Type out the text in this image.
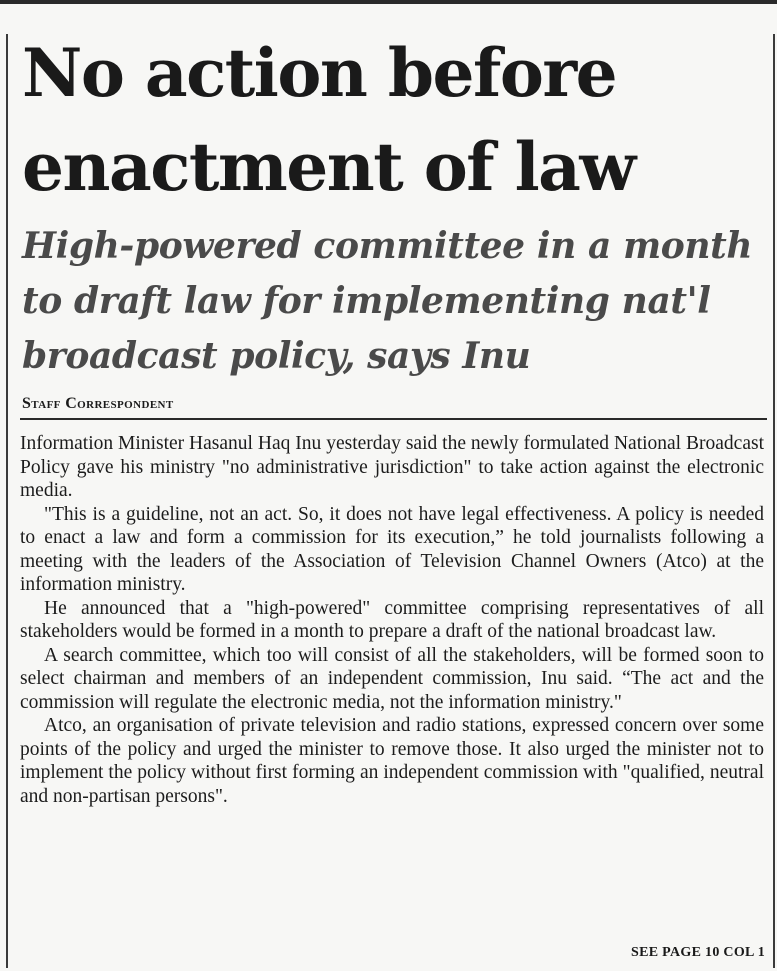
No action before enactment of law
High-powered committee in a month to draft law for implementing nat'l broadcast policy, says Inu
Staff Correspondent

Information Minister Hasanul Haq Inu yesterday said the newly formulated National Broadcast Policy gave his ministry "no administrative jurisdiction" to take action against the electronic media.

"This is a guideline, not an act. So, it does not have legal effectiveness. A policy is needed to enact a law and form a commission for its execution,” he told journalists following a meeting with the leaders of the Association of Television Channel Owners (Atco) at the information ministry.

He announced that a "high-powered" committee comprising representatives of all stakeholders would be formed in a month to prepare a draft of the national broadcast law.

A search committee, which too will consist of all the stakeholders, will be formed soon to select chairman and members of an independent commission, Inu said. “The act and the commission will regulate the electronic media, not the information ministry."

Atco, an organisation of private television and radio stations, expressed concern over some points of the policy and urged the minister to remove those. It also urged the minister not to implement the policy without first forming an independent commission with "qualified, neutral and non-partisan persons".

SEE PAGE 10 COL 1
